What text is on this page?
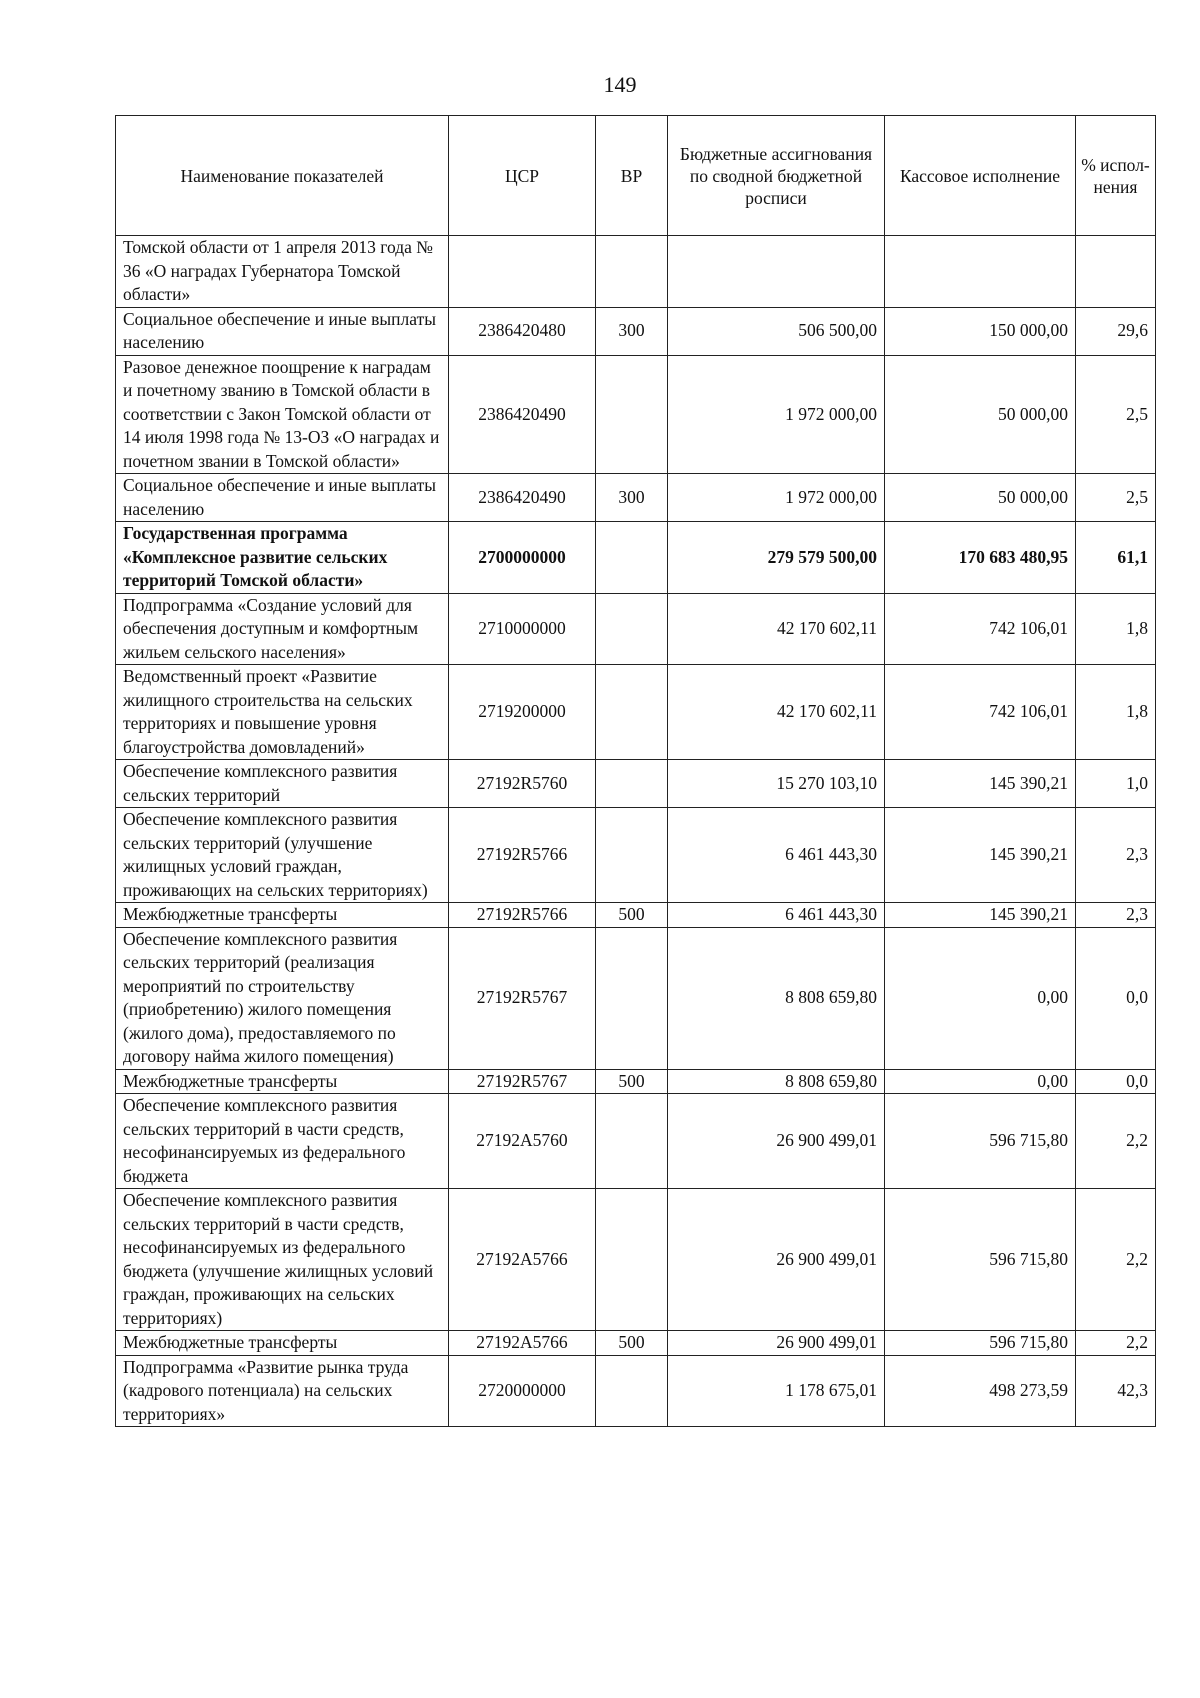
149
Наименование показателей	ЦСР	ВР	Бюджетные ассигнования по сводной бюджетной росписи	Кассовое исполнение	% испол-нения
Томской области от 1 апреля 2013 года № 36 «О наградах Губернатора Томской области»					
Социальное обеспечение и иные выплаты населению	2386420480	300	506 500,00	150 000,00	29,6
Разовое денежное поощрение к наградам и почетному званию в Томской области в соответствии с Закон Томской области от 14 июля 1998 года № 13-ОЗ «О наградах и почетном звании в Томской области»	2386420490		1 972 000,00	50 000,00	2,5
Социальное обеспечение и иные выплаты населению	2386420490	300	1 972 000,00	50 000,00	2,5
Государственная программа «Комплексное развитие сельских территорий Томской области»	2700000000		279 579 500,00	170 683 480,95	61,1
Подпрограмма «Создание условий для обеспечения доступным и комфортным жильем сельского населения»	2710000000		42 170 602,11	742 106,01	1,8
Ведомственный проект «Развитие жилищного строительства на сельских территориях и повышение уровня благоустройства домовладений»	2719200000		42 170 602,11	742 106,01	1,8
Обеспечение комплексного развития сельских территорий	27192R5760		15 270 103,10	145 390,21	1,0
Обеспечение комплексного развития сельских территорий (улучшение жилищных условий граждан, проживающих на сельских территориях)	27192R5766		6 461 443,30	145 390,21	2,3
Межбюджетные трансферты	27192R5766	500	6 461 443,30	145 390,21	2,3
Обеспечение комплексного развития сельских территорий (реализация мероприятий по строительству (приобретению) жилого помещения (жилого дома), предоставляемого по договору найма жилого помещения)	27192R5767		8 808 659,80	0,00	0,0
Межбюджетные трансферты	27192R5767	500	8 808 659,80	0,00	0,0
Обеспечение комплексного развития сельских территорий в части средств, несофинансируемых из федерального бюджета	27192А5760		26 900 499,01	596 715,80	2,2
Обеспечение комплексного развития сельских территорий в части средств, несофинансируемых из федерального бюджета (улучшение жилищных условий граждан, проживающих на сельских территориях)	27192А5766		26 900 499,01	596 715,80	2,2
Межбюджетные трансферты	27192А5766	500	26 900 499,01	596 715,80	2,2
Подпрограмма «Развитие рынка труда (кадрового потенциала) на сельских территориях»	2720000000		1 178 675,01	498 273,59	42,3
